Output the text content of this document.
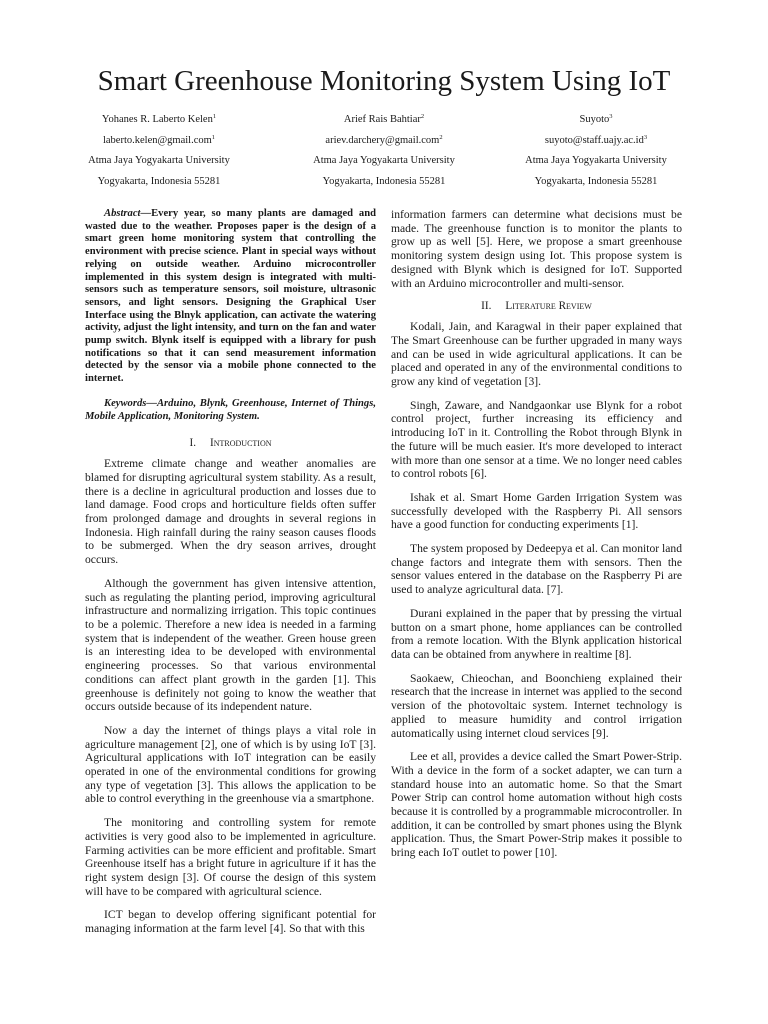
Smart Greenhouse Monitoring System Using IoT
Yohanes R. Laberto Kelen$^1$
laberto.kelen@gmail.com$^1$
Atma Jaya Yogyakarta University
Yogyakarta, Indonesia 55281
Arief Rais Bahtiar$^2$
ariev.darchery@gmail.com$^2$
Atma Jaya Yogyakarta University
Yogyakarta, Indonesia 55281
Suyoto$^3$
$suyoto@staff.uajy.ac.id^3$
Atma Jaya Yogyakarta University
Yogyakarta, Indonesia 55281

Abstract—Every year, so many plants are damaged and wasted due to the weather. Proposes paper is the design of a smart green home monitoring system that controlling the environment with precise science. Plant in special ways without relying on outside weather. Arduino microcontroller implemented in this system design is integrated with multi-sensors such as temperature sensors, soil moisture, ultrasonic sensors, and light sensors. Designing the Graphical User Interface using the Blnyk application, can activate the watering activity, adjust the light intensity, and turn on the fan and water pump switch. Blynk itself is equipped with a library for push notifications so that it can send measurement information detected by the sensor via a mobile phone connected to the internet.

Keywords—Arduino, Blynk, Greenhouse, Internet of Things, Mobile Application, Monitoring System.

I. Introduction

Extreme climate change and weather anomalies are blamed for disrupting agricultural system stability. As a result, there is a decline in agricultural production and losses due to land damage. Food crops and horticulture fields often suffer from prolonged damage and droughts in several regions in Indonesia. High rainfall during the rainy season causes floods to be submerged. When the dry season arrives, drought occurs.

Although the government has given intensive attention, such as regulating the planting period, improving agricultural infrastructure and normalizing irrigation. This topic continues to be a polemic. Therefore a new idea is needed in a farming system that is independent of the weather. Green house green is an interesting idea to be developed with environmental engineering processes. So that various environmental conditions can affect plant growth in the garden [1]. This greenhouse is definitely not going to know the weather that occurs outside because of its independent nature.

Now a day the internet of things plays a vital role in agriculture management [2], one of which is by using IoT [3]. Agricultural applications with IoT integration can be easily operated in one of the environmental conditions for growing any type of vegetation [3]. This allows the application to be able to control everything in the greenhouse via a smartphone.

The monitoring and controlling system for remote activities is very good also to be implemented in agriculture. Farming activities can be more efficient and profitable. Smart Greenhouse itself has a bright future in agriculture if it has the right system design [3]. Of course the design of this system will have to be compared with agricultural science.

ICT began to develop offering significant potential for managing information at the farm level [4]. So that with this

information farmers can determine what decisions must be made. The greenhouse function is to monitor the plants to grow up as well [5]. Here, we propose a smart greenhouse monitoring system design using Iot. This propose system is designed with Blynk which is designed for IoT. Supported with an Arduino microcontroller and multi-sensor.

II. Literature Review

Kodali, Jain, and Karagwal in their paper explained that The Smart Greenhouse can be further upgraded in many ways and can be used in wide agricultural applications. It can be placed and operated in any of the environmental conditions to grow any kind of vegetation [3].

Singh, Zaware, and Nandgaonkar use Blynk for a robot control project, further increasing its efficiency and introducing IoT in it. Controlling the Robot through Blynk in the future will be much easier. It's more developed to interact with more than one sensor at a time. We no longer need cables to control robots [6].

Ishak et al. Smart Home Garden Irrigation System was successfully developed with the Raspberry Pi. All sensors have a good function for conducting experiments [1].

The system proposed by Dedeepya et al. Can monitor land change factors and integrate them with sensors. Then the sensor values entered in the database on the Raspberry Pi are used to analyze agricultural data. [7].

Durani explained in the paper that by pressing the virtual button on a smart phone, home appliances can be controlled from a remote location. With the Blynk application historical data can be obtained from anywhere in realtime [8].

Saokaew, Chieochan, and Boonchieng explained their research that the increase in internet was applied to the second version of the photovoltaic system. Internet technology is applied to measure humidity and control irrigation automatically using internet cloud services [9].

Lee et all, provides a device called the Smart Power-Strip. With a device in the form of a socket adapter, we can turn a standard house into an automatic home. So that the Smart Power Strip can control home automation without high costs because it is controlled by a programmable microcontroller. In addition, it can be controlled by smart phones using the Blynk application. Thus, the Smart Power-Strip makes it possible to bring each IoT outlet to power [10].
